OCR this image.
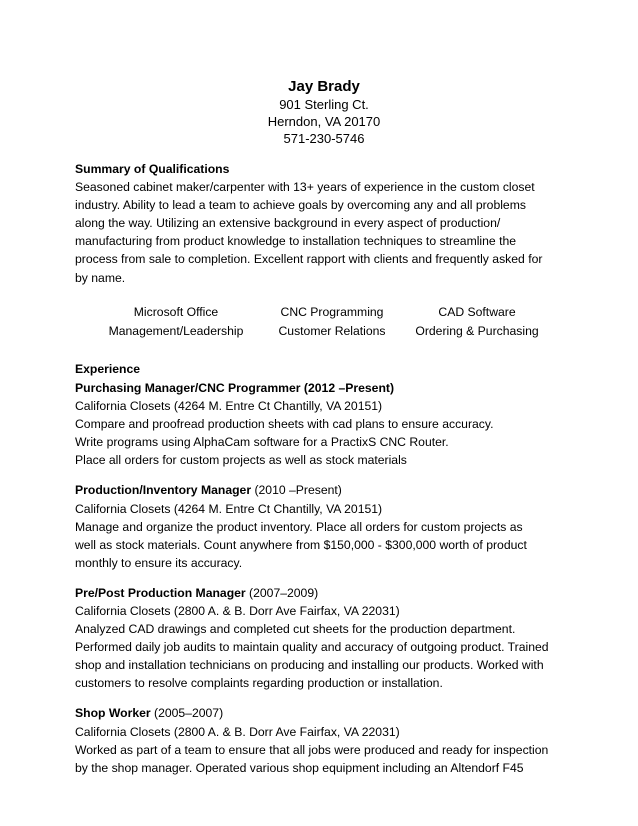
Jay Brady
901 Sterling Ct.
Herndon, VA 20170
571-230-5746
Summary of Qualifications
Seasoned cabinet maker/carpenter with 13+ years of experience in the custom closet
industry. Ability to lead a team to achieve goals by overcoming any and all problems
along the way. Utilizing an extensive background in every aspect of production/
manufacturing from product knowledge to installation techniques to streamline the
process from sale to completion. Excellent rapport with clients and frequently asked for
by name.
Microsoft Office	CNC Programming	CAD Software
Management/Leadership	Customer Relations	Ordering & Purchasing
Experience
Purchasing Manager/CNC Programmer (2012 –Present)
California Closets (4264 M. Entre Ct Chantilly, VA 20151)
Compare and proofread production sheets with cad plans to ensure accuracy.
Write programs using AlphaCam software for a PractixS CNC Router.
Place all orders for custom projects as well as stock materials
Production/Inventory Manager (2010 –Present)
California Closets (4264 M. Entre Ct Chantilly, VA 20151)
Manage and organize the product inventory. Place all orders for custom projects as
well as stock materials. Count anywhere from $150,000 - $300,000 worth of product
monthly to ensure its accuracy.
Pre/Post Production Manager (2007–2009)
California Closets (2800 A. & B. Dorr Ave Fairfax, VA 22031)
Analyzed CAD drawings and completed cut sheets for the production department.
Performed daily job audits to maintain quality and accuracy of outgoing product. Trained
shop and installation technicians on producing and installing our products. Worked with
customers to resolve complaints regarding production or installation.
Shop Worker (2005–2007)
California Closets (2800 A. & B. Dorr Ave Fairfax, VA 22031)
Worked as part of a team to ensure that all jobs were produced and ready for inspection
by the shop manager. Operated various shop equipment including an Altendorf F45
